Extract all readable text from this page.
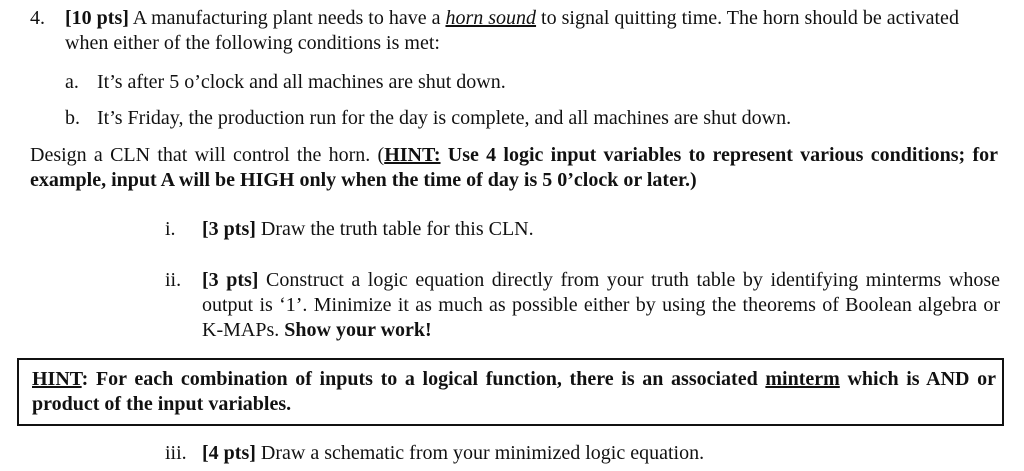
4. [10 pts] A manufacturing plant needs to have a horn sound to signal quitting time. The horn should be activated when either of the following conditions is met:
a. It’s after 5 o’clock and all machines are shut down.
b. It’s Friday, the production run for the day is complete, and all machines are shut down.
Design a CLN that will control the horn. (HINT: Use 4 logic input variables to represent various conditions; for example, input A will be HIGH only when the time of day is 5 0’clock or later.)
i. [3 pts] Draw the truth table for this CLN.
ii. [3 pts] Construct a logic equation directly from your truth table by identifying minterms whose output is ‘1’. Minimize it as much as possible either by using the theorems of Boolean algebra or K-MAPs. Show your work!
HINT: For each combination of inputs to a logical function, there is an associated minterm which is AND or product of the input variables.
iii. [4 pts] Draw a schematic from your minimized logic equation.
